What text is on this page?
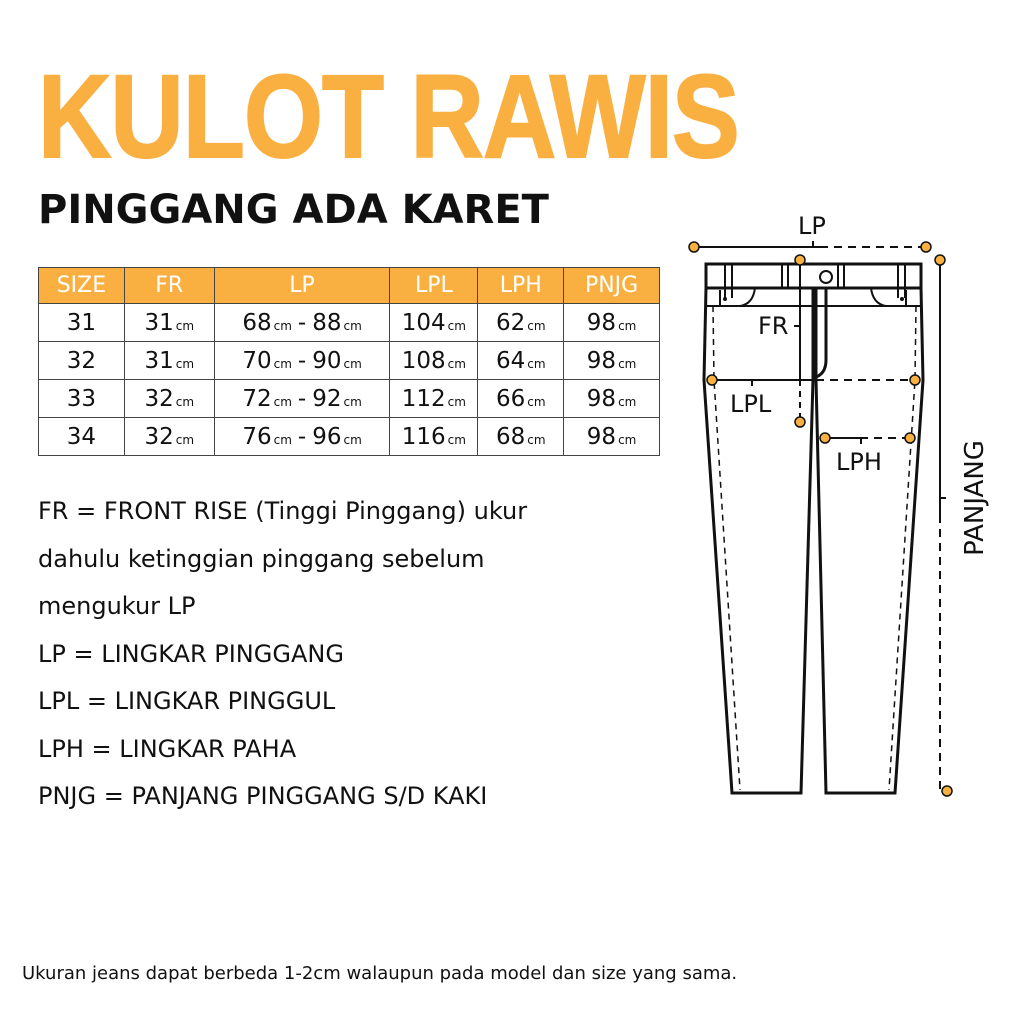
KULOT RAWIS
PINGGANG ADA KARET
SIZE	FR	LP	LPL	LPH	PNJG
31	31 cm	68 cm - 88 cm	104 cm	62 cm	98 cm
32	31 cm	70 cm - 90 cm	108 cm	64 cm	98 cm
33	32 cm	72 cm - 92 cm	112 cm	66 cm	98 cm
34	32 cm	76 cm - 96 cm	116 cm	68 cm	98 cm
FR = FRONT RISE (Tinggi Pinggang) ukur
dahulu ketinggian pinggang sebelum
mengukur LP
LP = LINGKAR PINGGANG
LPL = LINGKAR PINGGUL
LPH = LINGKAR PAHA
PNJG = PANJANG PINGGANG S/D KAKI
LP
FR
LPL
LPH	PANJANG
Ukuran jeans dapat berbeda 1-2cm walaupun pada model dan size yang sama.
